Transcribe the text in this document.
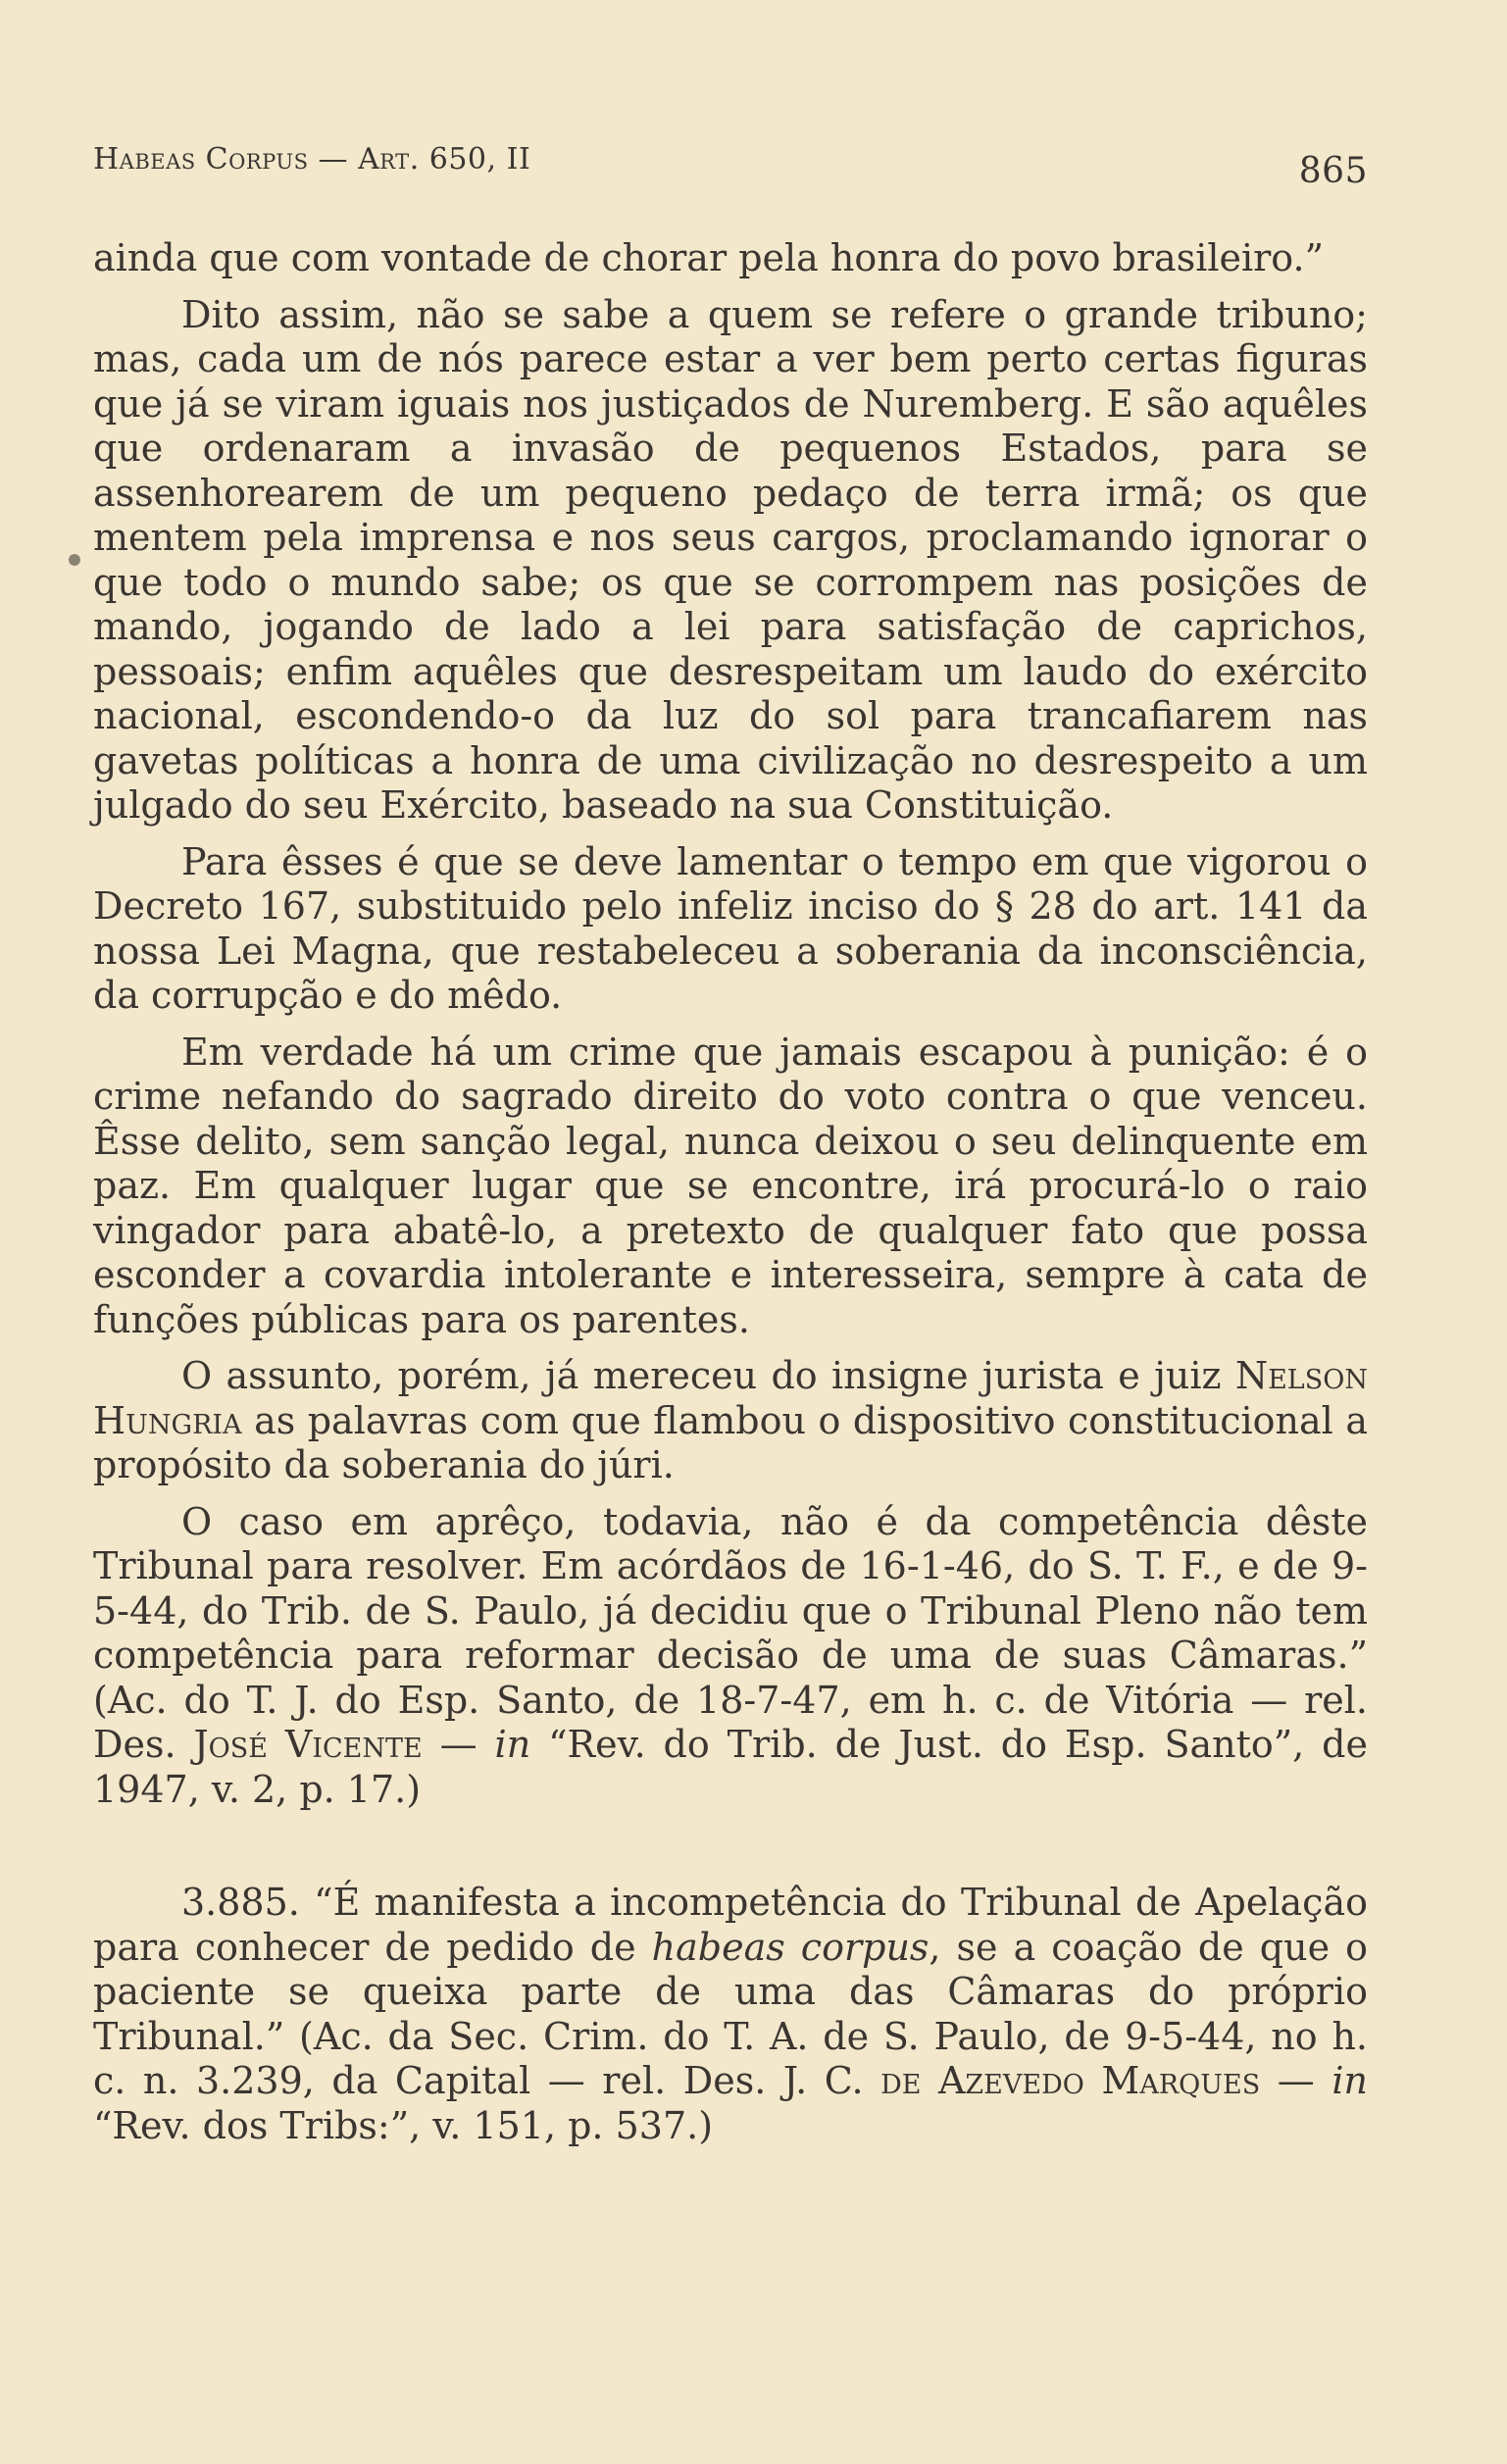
Habeas Corpus — Art. 650, II	865

ainda que com vontade de chorar pela honra do povo brasileiro.”

Dito assim, não se sabe a quem se refere o grande tribuno; mas, cada um de nós parece estar a ver bem perto certas figuras que já se viram iguais nos justiçados de Nuremberg. E são aquêles que ordenaram a invasão de pequenos Estados, para se assenhorearem de um pequeno pedaço de terra irmã; os que mentem pela imprensa e nos seus cargos, proclamando ignorar o que todo o mundo sabe; os que se corrompem nas posições de mando, jogando de lado a lei para satisfação de caprichos, pessoais; enfim aquêles que desrespeitam um laudo do exército nacional, escondendo-o da luz do sol para trancafiarem nas gavetas políticas a honra de uma civilização no desrespeito a um julgado do seu Exército, baseado na sua Constituição.

Para êsses é que se deve lamentar o tempo em que vigorou o Decreto 167, substituido pelo infeliz inciso do § 28 do art. 141 da nossa Lei Magna, que restabeleceu a soberania da inconsciência, da corrupção e do mêdo.

Em verdade há um crime que jamais escapou à punição: é o crime nefando do sagrado direito do voto contra o que venceu. Êsse delito, sem sanção legal, nunca deixou o seu delinquente em paz. Em qualquer lugar que se encontre, irá procurá-lo o raio vingador para abatê-lo, a pretexto de qualquer fato que possa esconder a covardia intolerante e interesseira, sempre à cata de funções públicas para os parentes.

O assunto, porém, já mereceu do insigne jurista e juiz Nelson Hungria as palavras com que flambou o dispositivo constitucional a propósito da soberania do júri.

O caso em aprêço, todavia, não é da competência dêste Tribunal para resolver. Em acórdãos de 16-1-46, do S. T. F., e de 9-5-44, do Trib. de S. Paulo, já decidiu que o Tribunal Pleno não tem competência para reformar decisão de uma de suas Câmaras.” (Ac. do T. J. do Esp. Santo, de 18-7-47, em h. c. de Vitória — rel. Des. José Vicente — in “Rev. do Trib. de Just. do Esp. Santo”, de 1947, v. 2, p. 17.)

3.885. “É manifesta a incompetência do Tribunal de Apelação para conhecer de pedido de habeas corpus, se a coação de que o paciente se queixa parte de uma das Câmaras do próprio Tribunal.” (Ac. da Sec. Crim. do T. A. de S. Paulo, de 9-5-44, no h. c. n. 3.239, da Capital — rel. Des. J. C. de Azevedo Marques — in “Rev. dos Tribs:”, v. 151, p. 537.)
